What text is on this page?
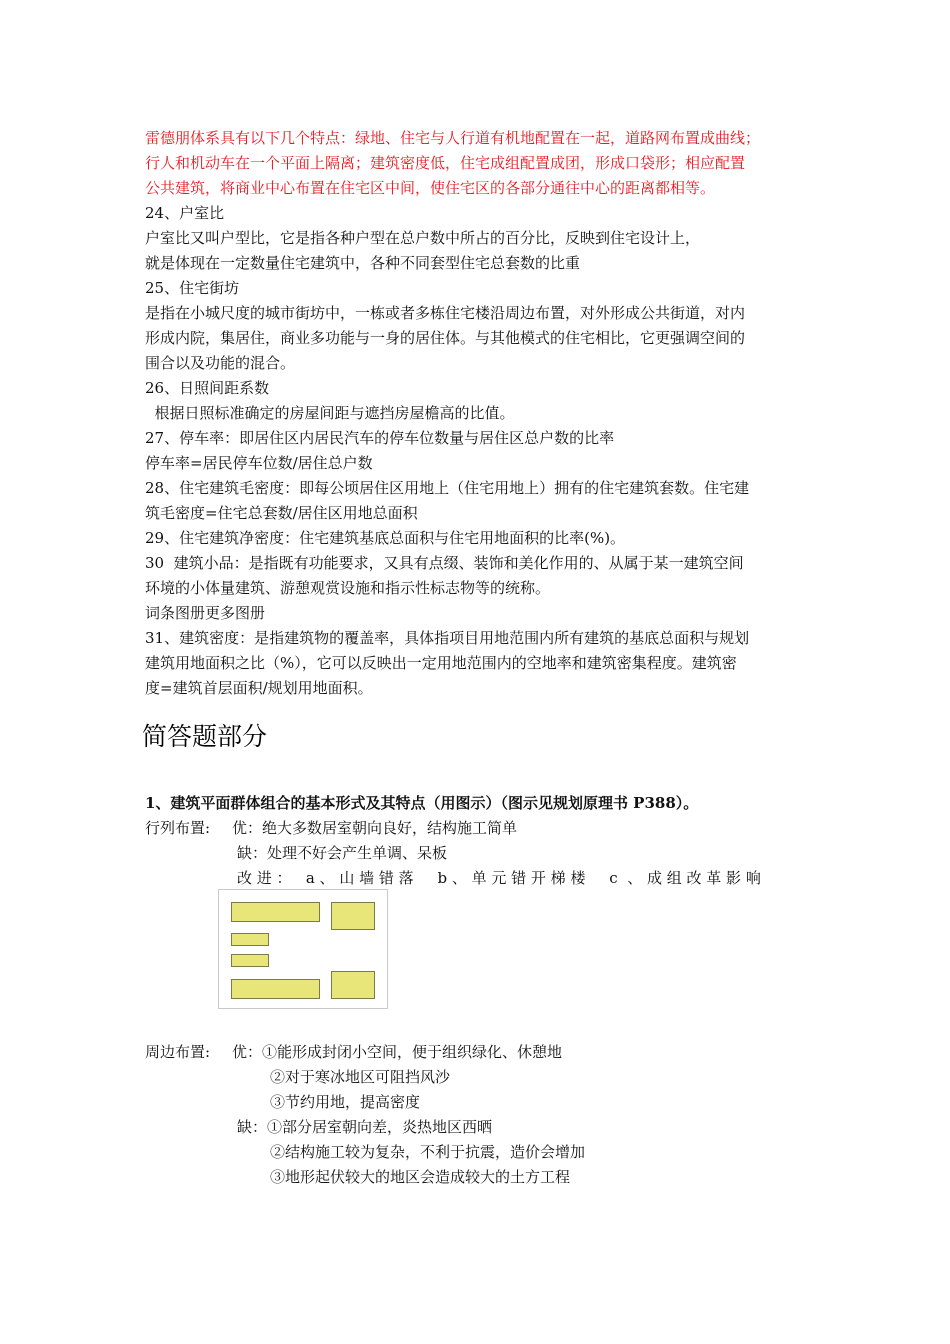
雷德朋体系具有以下几个特点：绿地、住宅与人行道有机地配置在一起，道路网布置成曲线；
行人和机动车在一个平面上隔离；建筑密度低，住宅成组配置成团，形成口袋形；相应配置
公共建筑，将商业中心布置在住宅区中间，使住宅区的各部分通往中心的距离都相等。
24、户室比
户室比又叫户型比，它是指各种户型在总户数中所占的百分比，反映到住宅设计上，
就是体现在一定数量住宅建筑中，各种不同套型住宅总套数的比重
25、住宅街坊
是指在小城尺度的城市街坊中，一栋或者多栋住宅楼沿周边布置，对外形成公共街道，对内
形成内院，集居住，商业多功能与一身的居住体。与其他模式的住宅相比，它更强调空间的
围合以及功能的混合。
26、日照间距系数
根据日照标准确定的房屋间距与遮挡房屋檐高的比值。
27、停车率：即居住区内居民汽车的停车位数量与居住区总户数的比率
停车率=居民停车位数/居住总户数
28、住宅建筑毛密度：即每公顷居住区用地上（住宅用地上）拥有的住宅建筑套数。住宅建
筑毛密度=住宅总套数/居住区用地总面积
29、住宅建筑净密度：住宅建筑基底总面积与住宅用地面积的比率(%)。
30  建筑小品：是指既有功能要求，又具有点缀、装饰和美化作用的、从属于某一建筑空间
环境的小体量建筑、游憩观赏设施和指示性标志物等的统称。
词条图册更多图册
31、建筑密度：是指建筑物的覆盖率，具体指项目用地范围内所有建筑的基底总面积与规划
建筑用地面积之比（%），它可以反映出一定用地范围内的空地率和建筑密集程度。建筑密
度=建筑首层面积/规划用地面积。
简答题部分
1、建筑平面群体组合的基本形式及其特点（用图示）（图示见规划原理书 P388）。
行列布置: 优：绝大多数居室朝向良好，结构施工简单
缺：处理不好会产生单调、呆板
改 进 ：   a 、 山 墙 错 落     b 、 单 元 错 开 梯 楼     c  、 成 组 改 革 影 响
周边布置: 优：①能形成封闭小空间，便于组织绿化、休憩地
②对于寒冰地区可阻挡风沙
③节约用地，提高密度
缺：①部分居室朝向差，炎热地区西晒
②结构施工较为复杂，不利于抗震，造价会增加
③地形起伏较大的地区会造成较大的土方工程
